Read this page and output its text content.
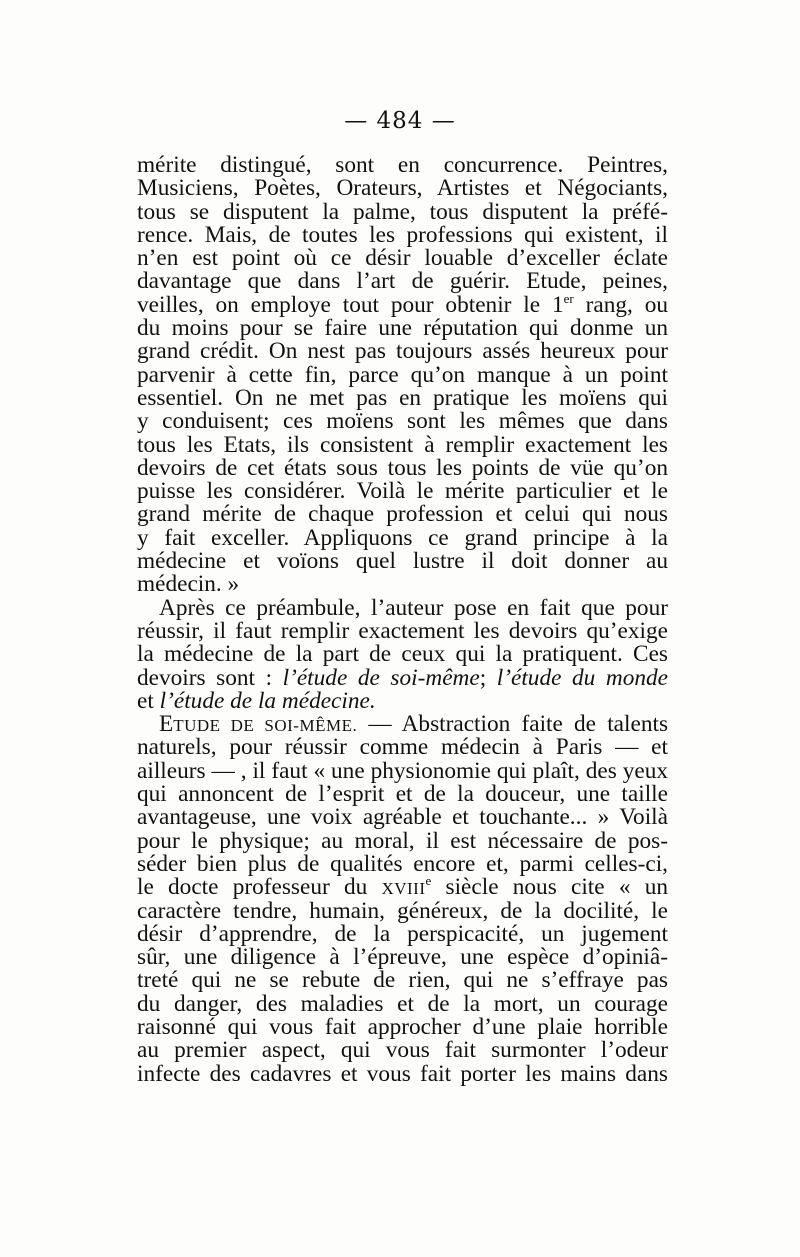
— 484 —
mérite distingué, sont en conсurrence. Peintres,
Musiciens, Poètes, Orateurs, Artistes et Négociants,
tous se disputent la palme, tous disputent la préfé-
rence. Mais, de toutes les professions qui existent, il
n’en est point où ce désir louable d’exceller éclate
davantage que dans l’art de guérir. Etude, peines,
veilles, on employe tout pour obtenir le 1er rang, ou
du moins pour se faire une réputation qui donme un
grand crédit. On nest pas toujours assés heureux pour
parvenir à cette fin, parce qu’on manque à un point
essentiel. On ne met pas en pratique les moïens qui
y conduisent; ces moïens sont les mêmes que dans
tous les Etats, ils consistent à remplir exactement les
devoirs de cet états sous tous les points de vüe qu’on
puisse les considérer. Voilà le mérite particulier et le
grand mérite de chaque profession et celui qui nous
y fait exceller. Appliquons ce grand principe à la
médecine et voïons quel lustre il doit donner au
médecin. »
Après ce préambule, l’auteur pose en fait que pour
réussir, il faut remplir exactement les devoirs qu’exige
la médecine de la part de ceux qui la pratiquent. Ces
devoirs sont : l’étude de soi-même; l’étude du monde
et l’étude de la médecine.
ETUDE DE SOI-MÊME. — Abstraction faite de talents
naturels, pour réussir comme médecin à Paris — et
ailleurs — , il faut « une physionomie qui plaît, des yeux
qui annoncent de l’esprit et de la douceur, une taille
avantageuse, une voix agréable et touchante... » Voilà
pour le physique; au moral, il est nécessaire de pos-
séder bien plus de qualités encore et, parmi celles-ci,
le docte professeur du XVIIIe siècle nous cite « un
caractère tendre, humain, généreux, de la docilité, le
désir d’apprendre, de la perspicacité, un jugement
sûr, une diligence à l’épreuve, une espèce d’opiniâ-
treté qui ne se rebute de rien, qui ne s’effraye pas
du danger, des maladies et de la mort, un courage
raisonné qui vous fait approcher d’une plaie horrible
au premier aspect, qui vous fait surmonter l’odeur
infecte des cadavres et vous fait porter les mains dans
